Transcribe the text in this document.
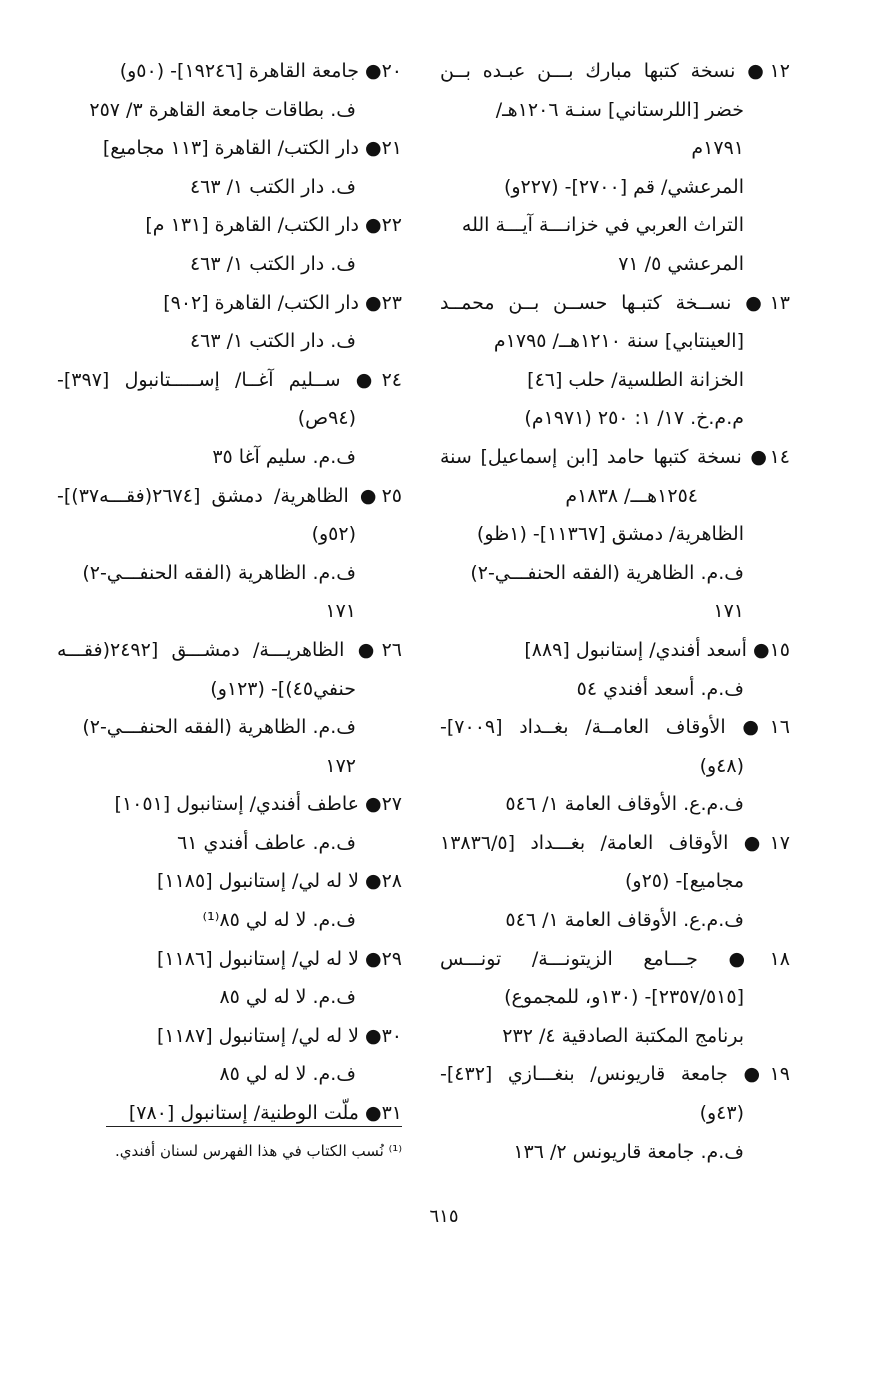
١٢● نسخة كتبها مبارك بـــن عبـده بــن
خضر [اللرستاني] سنـة ١٢٠٦هـ/
١٧٩١م
المرعشي/ قم [٢٧٠٠]- (٢٢٧و)
التراث العربي في خزانـــة آيـــة الله
المرعشي ٥/ ٧١
١٣● نســخة كتبـها حســن بــن محمــد
[العينتابي] سنة ١٢١٠هــ/ ١٧٩٥م
الخزانة الطلسية/ حلب [٤٦]
م.م.خ. ١٧/ ١: ٢٥٠ (١٩٧١م)
١٤● نسخة كتبها حامد [ابن إسماعيل] سنة
١٢٥٤هـــ/ ١٨٣٨م
الظاهرية/ دمشق [١١٣٦٧]- (١ظو)
ف.م. الظاهرية (الفقه الحنفـــي-٢)
١٧١
١٥● أسعد أفندي/ إستانبول [٨٨٩]
ف.م. أسعد أفندي ٥٤
١٦● الأوقاف العامــة/ بغــداد [٧٠٠٩]-
(٤٨و)
ف.م.ع. الأوقاف العامة ١/ ٥٤٦
١٧● الأوقاف العامة/ بغـــداد [١٣٨٣٦/٥
مجاميع]- (٢٥و)
ف.م.ع. الأوقاف العامة ١/ ٥٤٦
١٨● جـــامع الزيتونـــة/ تونـــس
[٢٣٥٧/٥١٥]- (١٣٠و، للمجموع)
برنامج المكتبة الصادقية ٤/ ٢٣٢
١٩● جامعة قاريونس/ بنغـــازي [٤٣٢]-
(٤٣و)
ف.م. جامعة قاريونس ٢/ ١٣٦
٢٠● جامعة القاهرة [١٩٢٤٦]- (٥٠و)
ف. بطاقات جامعة القاهرة ٣/ ٢٥٧
٢١● دار الكتب/ القاهرة [١١٣ مجاميع]
ف. دار الكتب ١/ ٤٦٣
٢٢● دار الكتب/ القاهرة [١٣١ م]
ف. دار الكتب ١/ ٤٦٣
٢٣● دار الكتب/ القاهرة [٩٠٢]
ف. دار الكتب ١/ ٤٦٣
٢٤● ســليم آغــا/ إســـــتانبول [٣٩٧]-
(٩٤ص)
ف.م. سليم آغا ٣٥
٢٥● الظاهرية/ دمشق [٢٦٧٤(فقـــه٣٧)]-
(٥٢و)
ف.م. الظاهرية (الفقه الحنفـــي-٢)
١٧١
٢٦● الظاهريـــة/ دمشـــق [٢٤٩٢(فقـــه
حنفي٤٥)]- (١٢٣و)
ف.م. الظاهرية (الفقه الحنفـــي-٢)
١٧٢
٢٧● عاطف أفندي/ إستانبول [١٠٥١]
ف.م. عاطف أفندي ٦١
٢٨● لا له لي/ إستانبول [١١٨٥]
ف.م. لا له لي ٨٥⁽¹⁾
٢٩● لا له لي/ إستانبول [١١٨٦]
ف.م. لا له لي ٨٥
٣٠● لا له لي/ إستانبول [١١٨٧]
ف.م. لا له لي ٨٥
٣١● ملّت الوطنية/ إستانبول [٧٨٠]
⁽¹⁾ نُسب الكتاب في هذا الفهرس لسنان أفندي.
٦١٥
